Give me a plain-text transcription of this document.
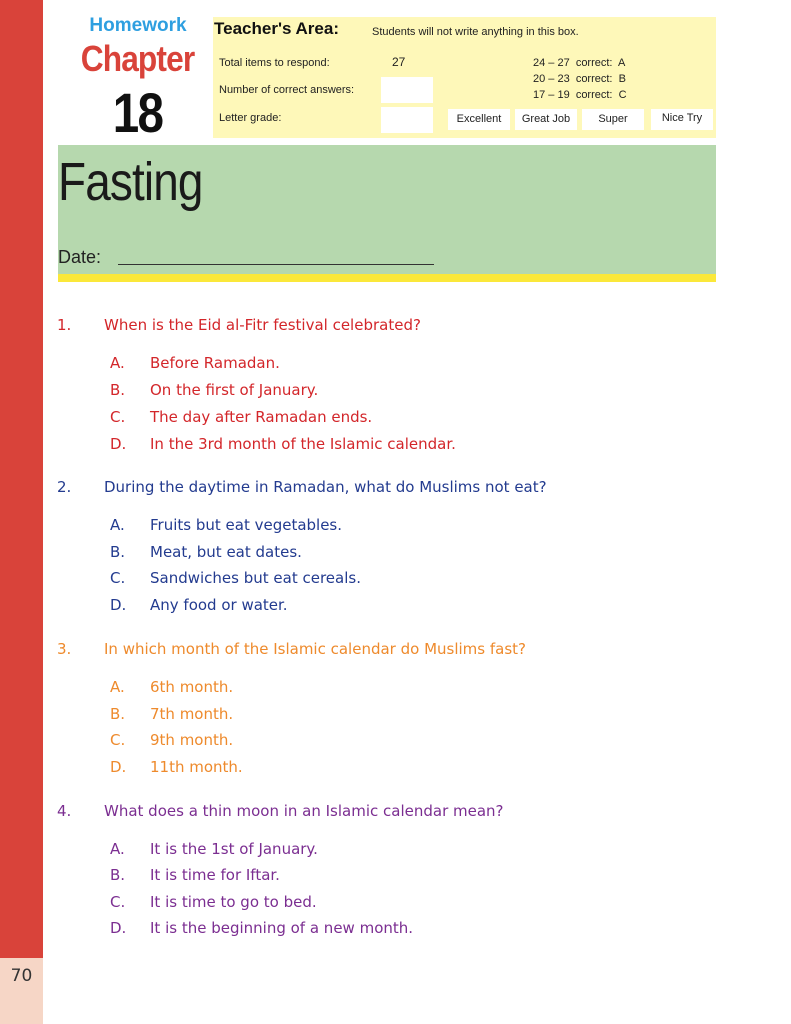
70
Homework
Chapter
18
Teacher's Area:	Students will not write anything in this box.
Total items to respond:	27
Number of correct answers:
Letter grade:
24 – 27  correct:  A
20 – 23  correct:  B
17 – 19  correct:  C
Excellent	Great Job	Super	Nice Try
Fasting
Date:
1. When is the Eid al-Fitr festival celebrated?
A. Before Ramadan.
B. On the first of January.
C. The day after Ramadan ends.
D. In the 3rd month of the Islamic calendar.
2. During the daytime in Ramadan, what do Muslims not eat?
A. Fruits but eat vegetables.
B. Meat, but eat dates.
C. Sandwiches but eat cereals.
D. Any food or water.
3. In which month of the Islamic calendar do Muslims fast?
A. 6th month.
B. 7th month.
C. 9th month.
D. 11th month.
4. What does a thin moon in an Islamic calendar mean?
A. It is the 1st of January.
B. It is time for Iftar.
C. It is time to go to bed.
D. It is the beginning of a new month.
